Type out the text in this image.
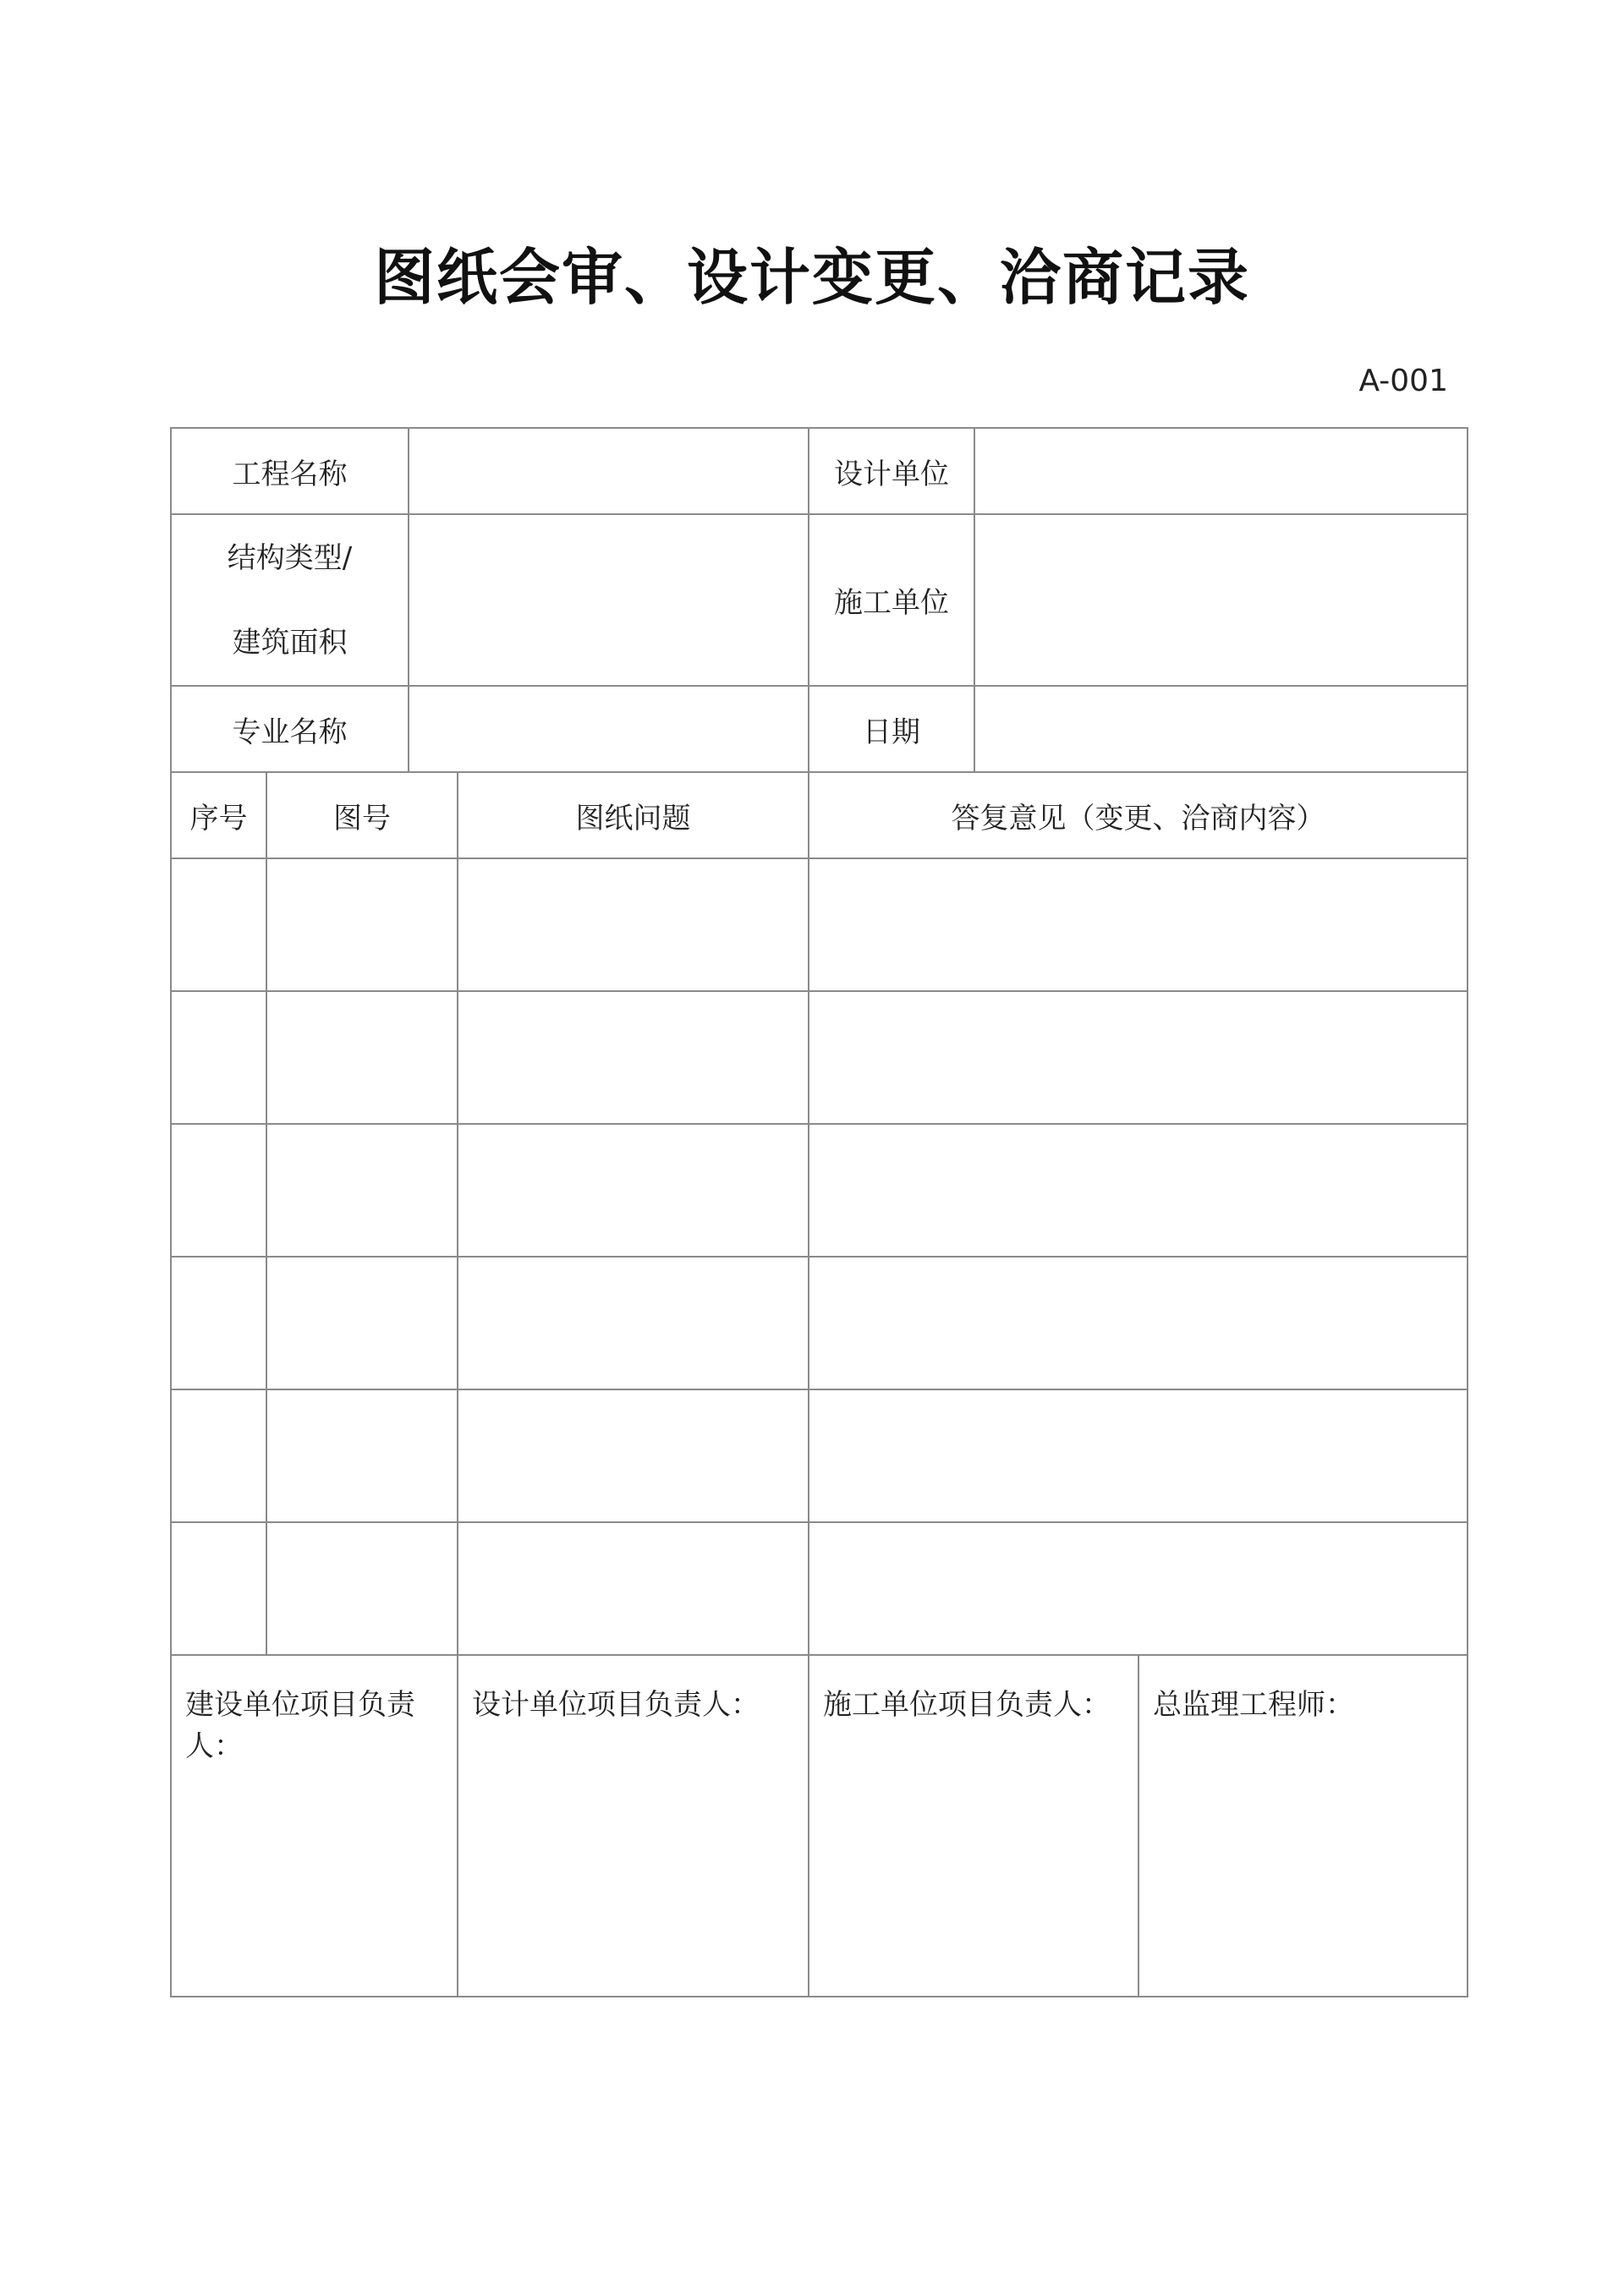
图纸会审、设计变更、洽商记录
A-001
工程名称				设计单位		

结构类型/
建筑面积				施工单位		
专业名称				日期		
序号	图号		图纸问题	答复意见（变更、洽商内容）		

建设单位项目负责人：			设计单位项目负责人：	施工单位项目负责人：		总监理工程师：
